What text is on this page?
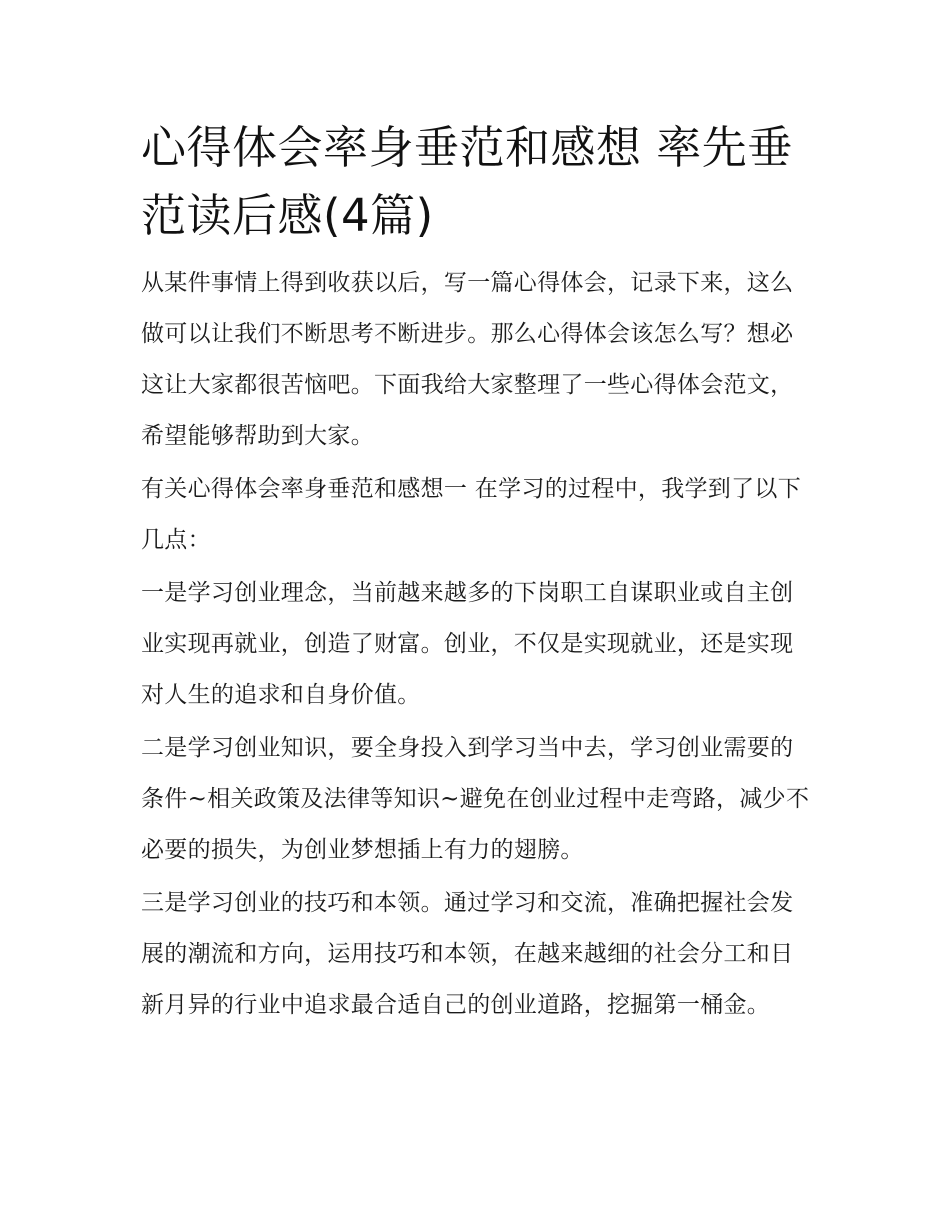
心得体会率身垂范和感想 率先垂范读后感(4篇)

从某件事情上得到收获以后，写一篇心得体会，记录下来，这么做可以让我们不断思考不断进步。那么心得体会该怎么写？想必这让大家都很苦恼吧。下面我给大家整理了一些心得体会范文，希望能够帮助到大家。

有关心得体会率身垂范和感想一 在学习的过程中，我学到了以下几点：

一是学习创业理念，当前越来越多的下岗职工自谋职业或自主创业实现再就业，创造了财富。创业，不仅是实现就业，还是实现对人生的追求和自身价值。

二是学习创业知识，要全身投入到学习当中去，学习创业需要的条件~相关政策及法律等知识~避免在创业过程中走弯路，减少不必要的损失，为创业梦想插上有力的翅膀。

三是学习创业的技巧和本领。通过学习和交流，准确把握社会发展的潮流和方向，运用技巧和本领，在越来越细的社会分工和日新月异的行业中追求最合适自己的创业道路，挖掘第一桶金。
